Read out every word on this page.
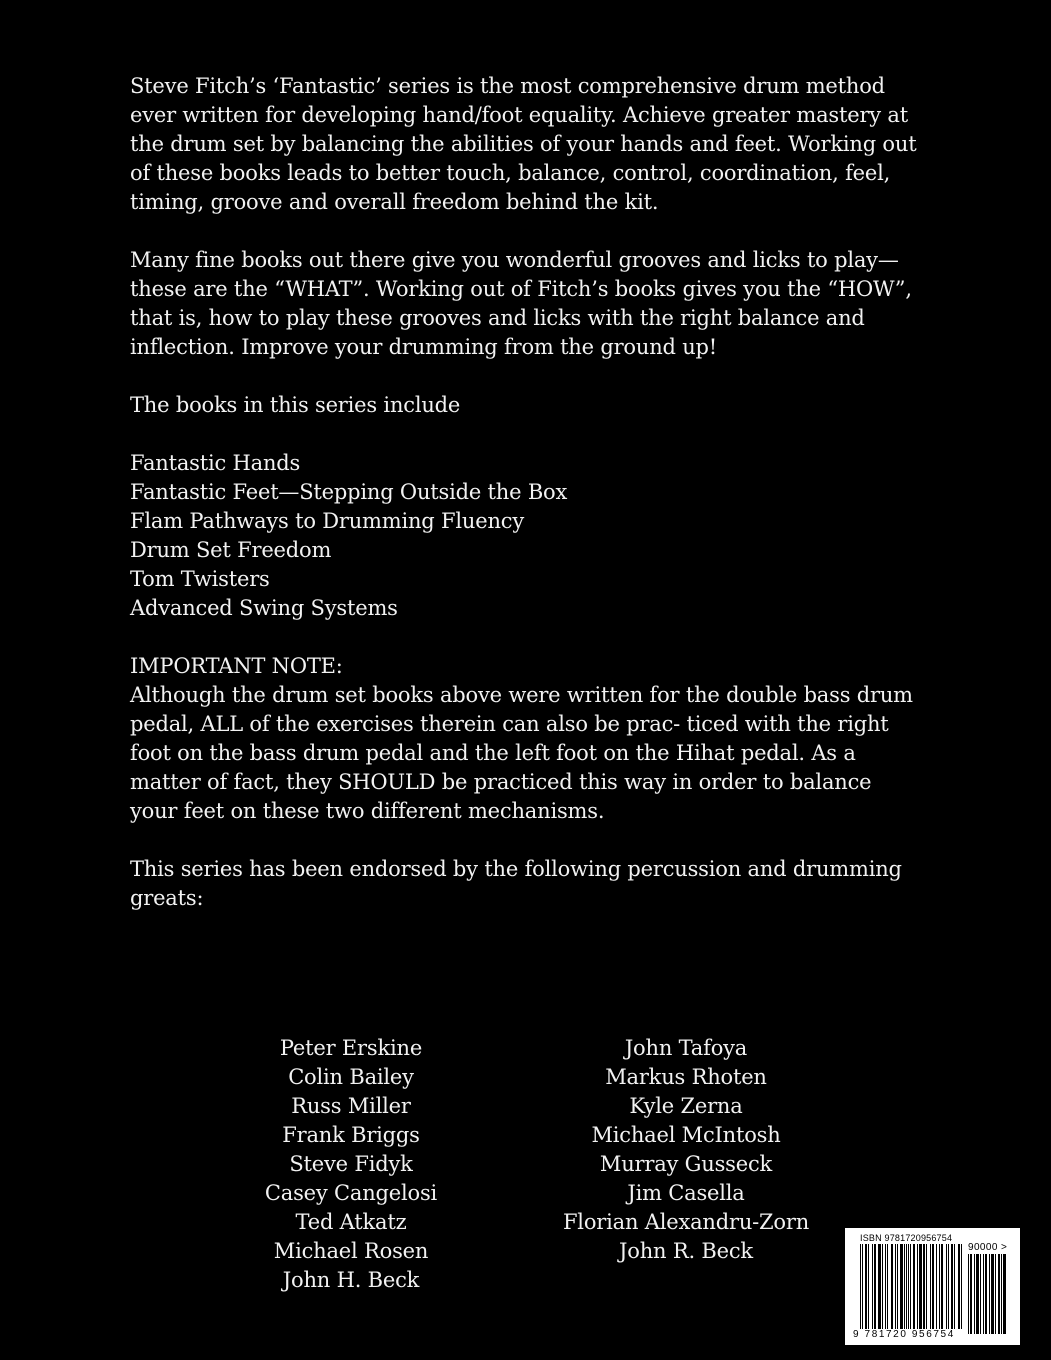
Steve Fitch’s ‘Fantastic’ series is the most comprehensive drum method ever written for developing hand/foot equality. Achieve greater mastery at the drum set by balancing the abilities of your hands and feet. Working out of these books leads to better touch, balance, control, coordination, feel, timing, groove and overall freedom behind the kit.

Many fine books out there give you wonderful grooves and licks to play—these are the “WHAT”. Working out of Fitch’s books gives you the “HOW”, that is, how to play these grooves and licks with the right balance and inflection. Improve your drumming from the ground up!

The books in this series include

Fantastic Hands
Fantastic Feet—Stepping Outside the Box
Flam Pathways to Drumming Fluency
Drum Set Freedom
Tom Twisters
Advanced Swing Systems
IMPORTANT NOTE:

Although the drum set books above were written for the double bass drum pedal, ALL of the exercises therein can also be prac- ticed with the right foot on the bass drum pedal and the left foot on the Hihat pedal. As a matter of fact, they SHOULD be practiced this way in order to balance your feet on these two different mechanisms.

This series has been endorsed by the following percussion and drumming greats:

Peter Erskine
Colin Bailey
Russ Miller
Frank Briggs
Steve Fidyk
Casey Cangelosi
Ted Atkatz
Michael Rosen
John H. Beck
John Tafoya
Markus Rhoten
Kyle Zerna
Michael McIntosh
Murray Gusseck
Jim Casella
Florian Alexandru-Zorn
John R. Beck
ISBN 9781720956754
90000 >
9 781720 956754
